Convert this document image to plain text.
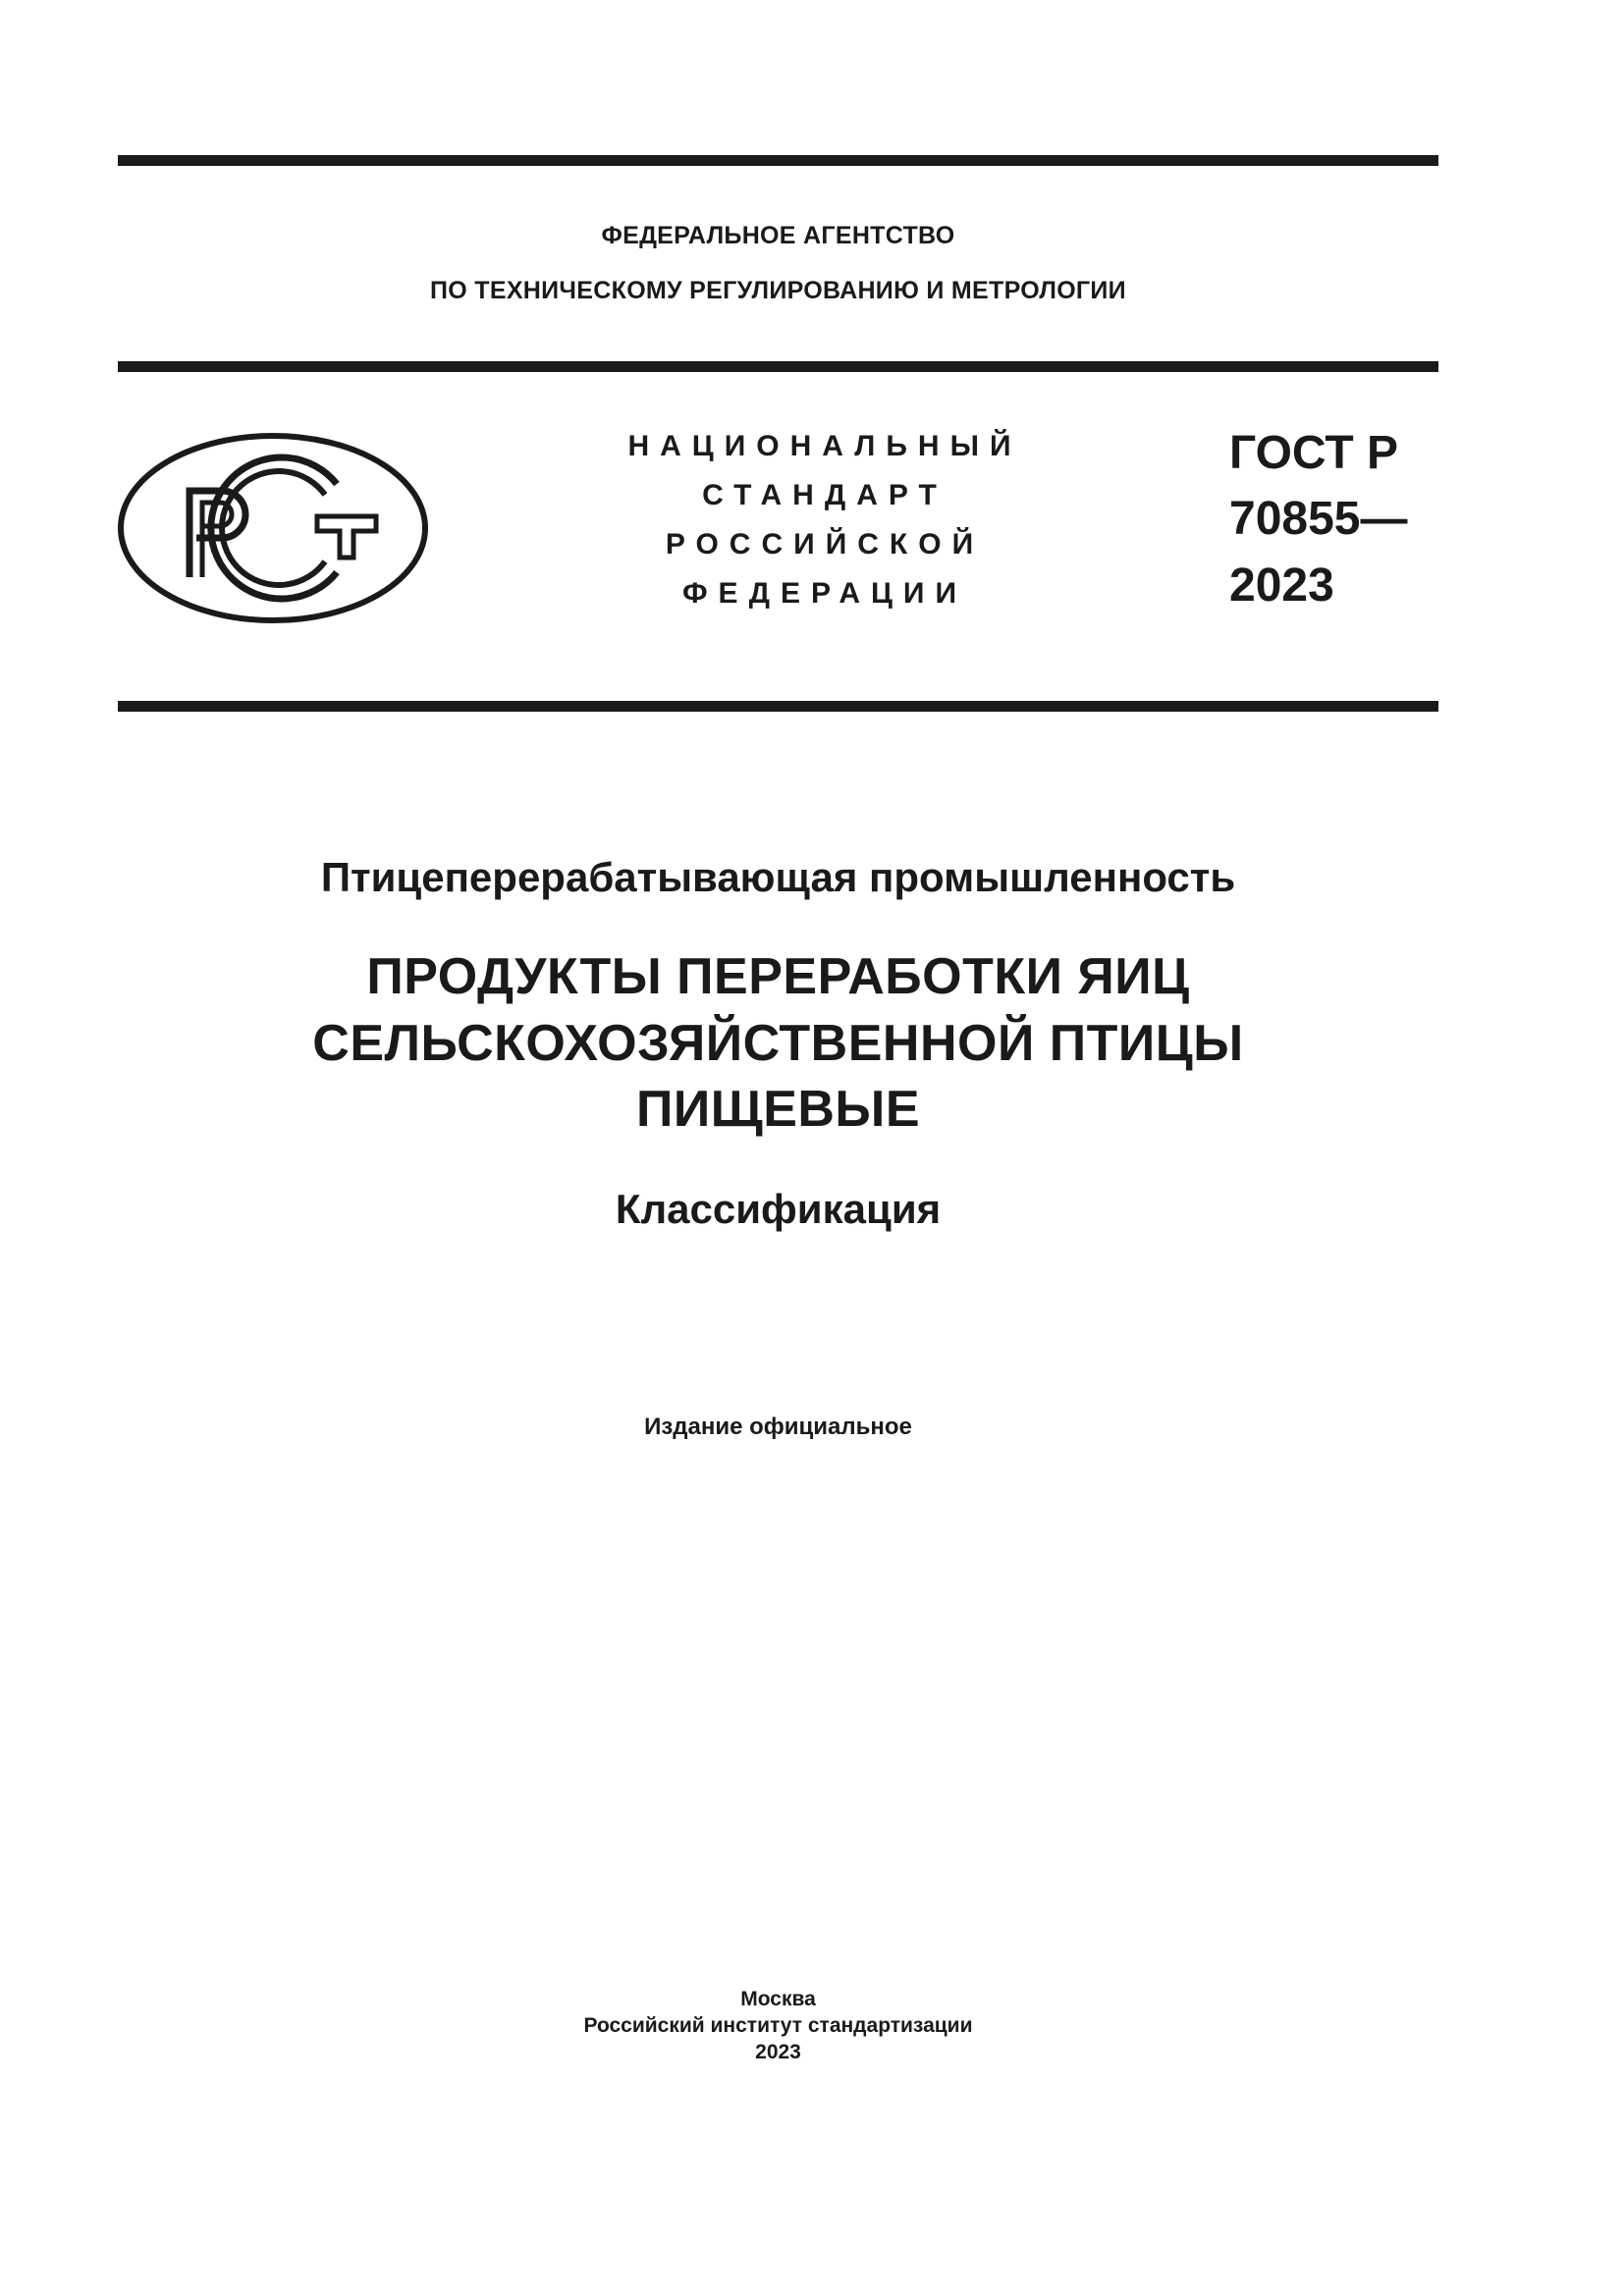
ФЕДЕРАЛЬНОЕ АГЕНТСТВО
ПО ТЕХНИЧЕСКОМУ РЕГУЛИРОВАНИЮ И МЕТРОЛОГИИ
НАЦИОНАЛЬНЫЙ
СТАНДАРТ
РОССИЙСКОЙ
ФЕДЕРАЦИИ
ГОСТ Р
70855—
2023
Птицеперерабатывающая промышленность
ПРОДУКТЫ ПЕРЕРАБОТКИ ЯИЦ
СЕЛЬСКОХОЗЯЙСТВЕННОЙ ПТИЦЫ
ПИЩЕВЫЕ
Классификация
Издание официальное
Москва
Российский институт стандартизации
2023
